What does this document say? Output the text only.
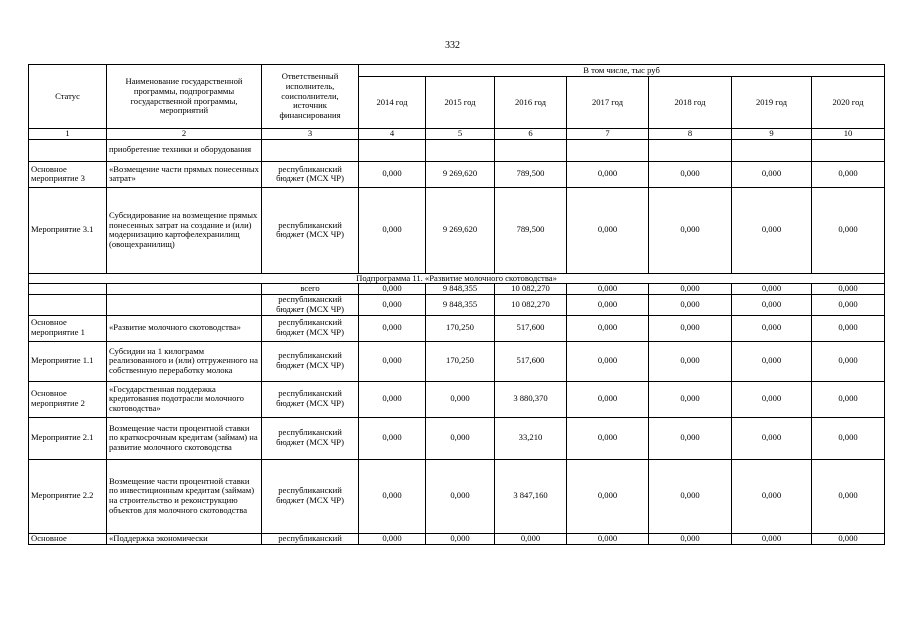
332
Статус	Наименование государственной программы, подпрограммы государственной программы, мероприятий	Ответственный исполнитель, соисполнители, источник финансирования	В том числе, тыс руб						
			2014 год	2015 год	2016 год	2017 год	2018 год	2019 год	2020 год
1	2	3	4	5	6	7	8	9	10
	приобретение техники и оборудования								
Основное мероприятие 3	«Возмещение части прямых понесенных затрат»	республиканский бюджет (МСХ ЧР)	0,000	9 269,620	789,500	0,000	0,000	0,000	0,000
Мероприятие 3.1	Субсидирование на возмещение прямых понесенных затрат на создание и (или) модернизацию картофелехранилищ (овощехранилищ)	республиканский бюджет (МСХ ЧР)	0,000	9 269,620	789,500	0,000	0,000	0,000	0,000
Подпрограмма 11. «Развитие молочного скотоводства»									
		всего	0,000	9 848,355	10 082,270	0,000	0,000	0,000	0,000
		республиканский бюджет (МСХ ЧР)	0,000	9 848,355	10 082,270	0,000	0,000	0,000	0,000
Основное мероприятие 1	«Развитие молочного скотоводства»	республиканский бюджет (МСХ ЧР)	0,000	170,250	517,600	0,000	0,000	0,000	0,000
Мероприятие 1.1	Субсидии на 1 килограмм реализованного и (или) отгруженного на собственную переработку молока	республиканский бюджет (МСХ ЧР)	0,000	170,250	517,600	0,000	0,000	0,000	0,000
Основное мероприятие 2	«Государственная поддержка кредитования подотрасли молочного скотоводства»	республиканский бюджет (МСХ ЧР)	0,000	0,000	3 880,370	0,000	0,000	0,000	0,000
Мероприятие 2.1	Возмещение части процентной ставки по краткосрочным кредитам (займам) на развитие молочного скотоводства	республиканский бюджет (МСХ ЧР)	0,000	0,000	33,210	0,000	0,000	0,000	0,000
Мероприятие 2.2	Возмещение части процентной ставки по инвестиционным кредитам (займам) на строительство и реконструкцию объектов для молочного скотоводства	республиканский бюджет (МСХ ЧР)	0,000	0,000	3 847,160	0,000	0,000	0,000	0,000
Основное	«Поддержка экономически	республиканский	0,000	0,000	0,000	0,000	0,000	0,000	0,000
